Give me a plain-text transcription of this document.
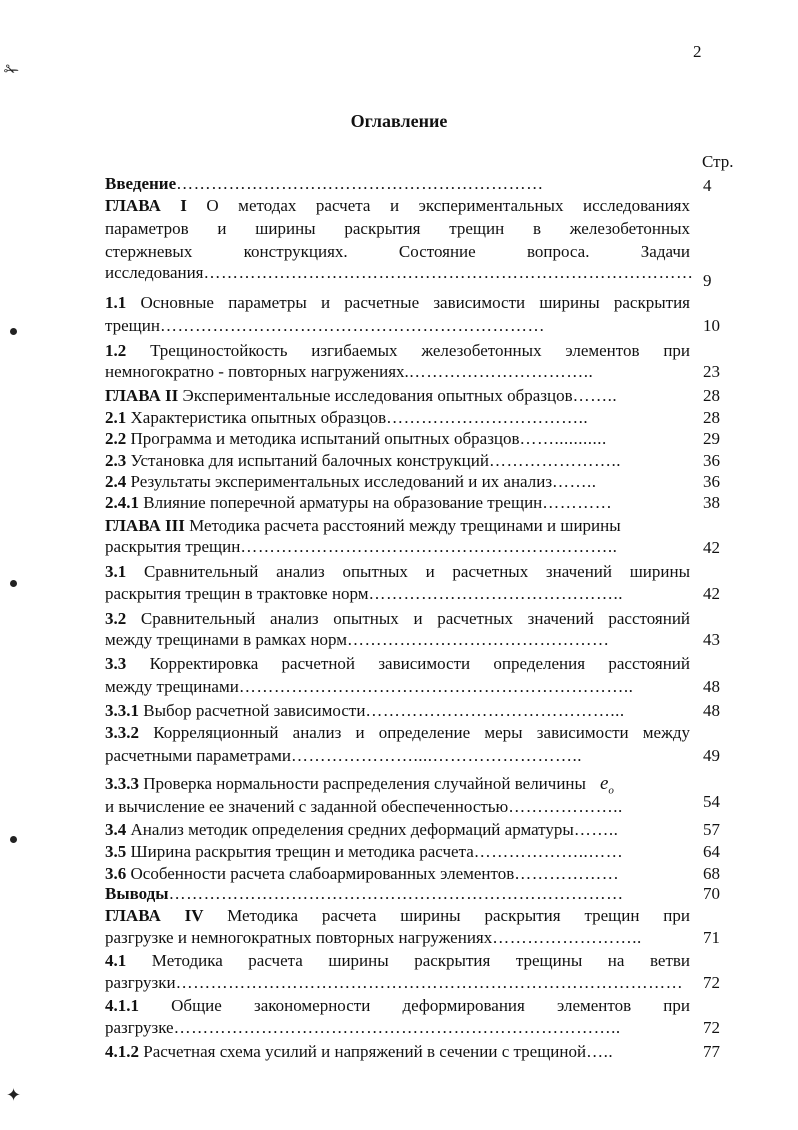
2
Оглавление
Стр.
Введение………………………………………………………	4
ГЛАВА I О методах расчета и экспериментальных исследованиях
параметров и ширины раскрытия трещин в железобетонных
стержневых конструкциях. Состояние вопроса. Задачи
исследования………………………………………………………………………… 9
1.1 Основные параметры и расчетные зависимости ширины раскрытия
трещин…………………………………………………………	10
1.2 Трещиностойкость изгибаемых железобетонных элементов при
немногократно - повторных нагружениях.…………………………..	23
ГЛАВА II Экспериментальные исследования опытных образцов……..	28
2.1 Характеристика опытных образцов……………………………..	28
2.2 Программа и методика испытаний опытных образцов……...........	29
2.3 Установка для испытаний балочных конструкций…………………..	36
2.4 Результаты экспериментальных исследований и их анализ……..	36
2.4.1 Влияние поперечной арматуры на образование трещин…………	38
ГЛАВА III Методика расчета расстояний между трещинами и ширины
раскрытия трещин………………………………………………………..	42
3.1 Сравнительный анализ опытных и расчетных значений ширины
раскрытия трещин в трактовке норм……………………………………..	42
3.2 Сравнительный анализ опытных и расчетных значений расстояний
между трещинами в рамках норм………………………………………	43
3.3 Корректировка расчетной зависимости определения расстояний
между трещинами…………………………………………………………..	48
3.3.1 Выбор расчетной зависимости……………………………………...	48
3.3.2 Корреляционный анализ и определение меры зависимости между
расчетными параметрами…………………....……………………..	49
3.3.3 Проверка нормальности распределения случайной величины $e_o$
и вычисление ее значений с заданной обеспеченностью………………..	54
3.4 Анализ методик определения средних деформаций арматуры……..	57
3.5 Ширина раскрытия трещин и методика расчета………………..……	64
3.6 Особенности расчета слабоармированных элементов………………	68
Выводы……………………………………………………………………	70
ГЛАВА IV Методика расчета ширины раскрытия трещин при
разгрузке и немногократных повторных нагружениях……………………..	71
4.1 Методика расчета ширины раскрытия трещины на ветви
разгрузки…………………………………………………………………………… 72
4.1.1 Общие закономерности деформирования элементов при
разгрузке…………………………………………………………………..	72
4.1.2 Расчетная схема усилий и напряжений в сечении с трещиной…..	77
✁
✦
